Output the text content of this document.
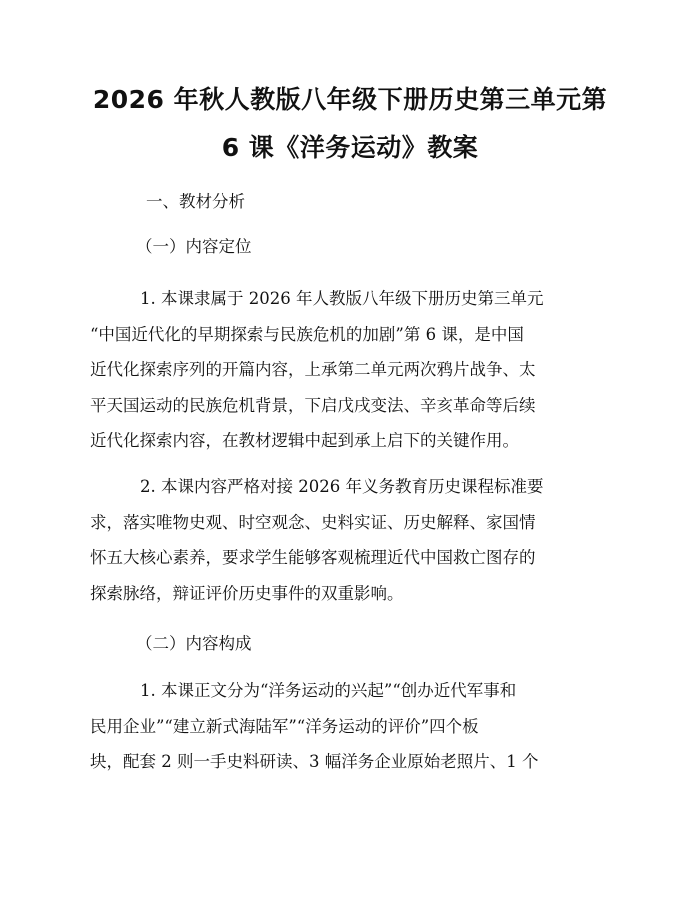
2026 年秋人教版八年级下册历史第三单元第
6 课《洋务运动》教案
一、教材分析
（一）内容定位
1. 本课隶属于 2026 年人教版八年级下册历史第三单元
“中国近代化的早期探索与民族危机的加剧”第 6 课，是中国
近代化探索序列的开篇内容，上承第二单元两次鸦片战争、太
平天国运动的民族危机背景，下启戊戌变法、辛亥革命等后续
近代化探索内容，在教材逻辑中起到承上启下的关键作用。
2. 本课内容严格对接 2026 年义务教育历史课程标准要
求，落实唯物史观、时空观念、史料实证、历史解释、家国情
怀五大核心素养，要求学生能够客观梳理近代中国救亡图存的
探索脉络，辩证评价历史事件的双重影响。
（二）内容构成
1. 本课正文分为“洋务运动的兴起”“创办近代军事和
民用企业”“建立新式海陆军”“洋务运动的评价”四个板
块，配套 2 则一手史料研读、3 幅洋务企业原始老照片、1 个
